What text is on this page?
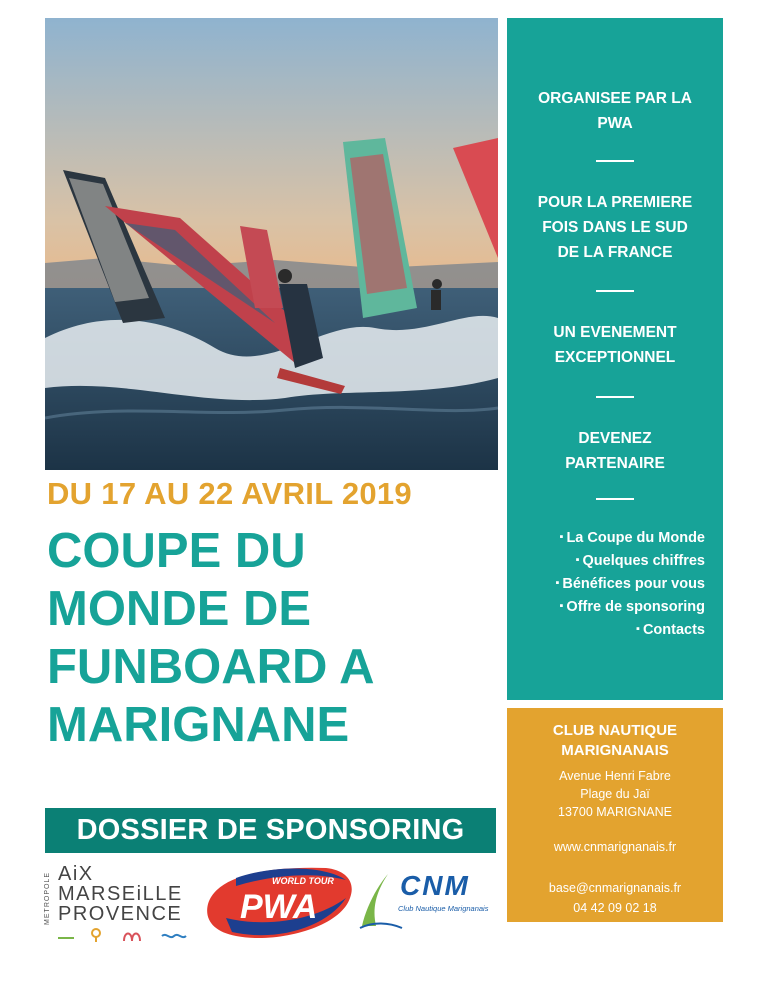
DU 17 AU 22 AVRIL 2019
COUPE DU
MONDE DE
FUNBOARD A
MARIGNANE
DOSSIER DE SPONSORING
ORGANISEE PAR LA
PWA
POUR LA PREMIERE
FOIS DANS LE SUD
DE LA FRANCE
UN EVENEMENT
EXCEPTIONNEL
DEVENEZ
PARTENAIRE
▪ La Coupe du Monde
▪ Quelques chiffres
▪ Bénéfices pour vous
▪ Offre de sponsoring
▪ Contacts
CLUB NAUTIQUE
MARIGNANAIS
Avenue Henri Fabre
Plage du Jaï
13700 MARIGNANE
www.cnmarignanais.fr
base@cnmarignanais.fr
04 42 09 02 18
METROPOLE AiX
MARSEiLLE
PROVENCE
WORLD TOUR
PWA
CNM
Club Nautique Marignanais
